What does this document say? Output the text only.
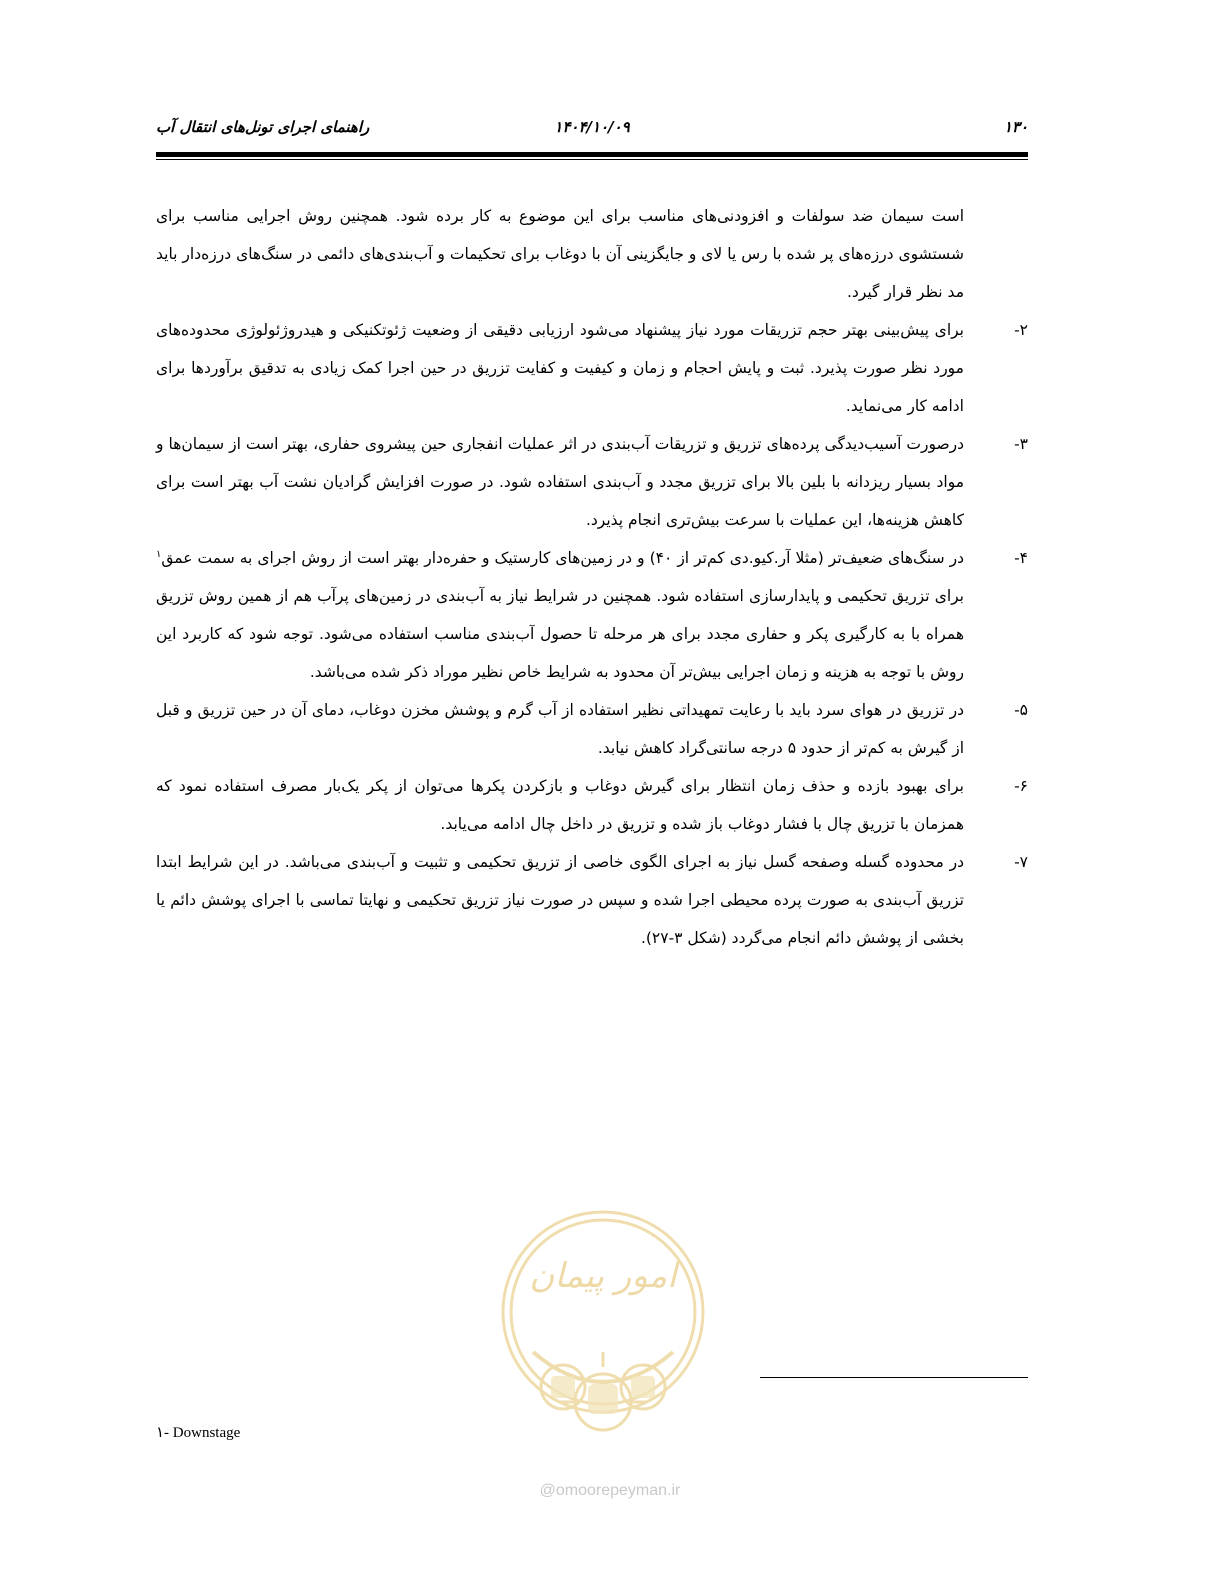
۱۳۰
۱۴۰۴/۱۰/۰۹
راهنمای اجرای تونل‌های انتقال آب

است سیمان ضد سولفات و افزودنی‌های مناسب برای این موضوع به کار برده شود. همچنین روش اجرایی مناسب برای شستشوی درزه‌های پر شده با رس یا لای و جایگزینی آن با دوغاب برای تحکیمات و آب‌بندی‌های دائمی در سنگ‌های درزه‌دار باید مد نظر قرار گیرد.

۲-
برای پیش‌بینی بهتر حجم تزریقات مورد نیاز پیشنهاد می‌شود ارزیابی دقیقی از وضعیت ژئوتکنیکی و هیدروژئولوژی محدوده‌های مورد نظر صورت پذیرد. ثبت و پایش احجام و زمان و کیفیت و کفایت تزریق در حین اجرا کمک زیادی به تدقیق برآوردها برای ادامه کار می‌نماید.
۳-
درصورت آسیب‌دیدگی پرده‌های تزریق و تزریقات آب‌بندی در اثر عملیات انفجاری حین پیشروی حفاری، بهتر است از سیمان‌ها و مواد بسیار ریزدانه با بلین بالا برای تزریق مجدد و آب‌بندی استفاده شود. در صورت افزایش گرادیان نشت آب بهتر است برای کاهش هزینه‌ها، این عملیات با سرعت بیش‌تری انجام پذیرد.
۴-
در سنگ‌های ضعیف‌تر (مثلا آر.کیو.دی کم‌تر از ۴۰) و در زمین‌های کارستیک و حفره‌دار بهتر است از روش اجرای به سمت عمق$^۱$ برای تزریق تحکیمی و پایدارسازی استفاده شود. همچنین در شرایط نیاز به آب‌بندی در زمین‌های پرآب هم از همین روش تزریق همراه با به کارگیری پکر و حفاری مجدد برای هر مرحله تا حصول آب‌بندی مناسب استفاده می‌شود. توجه شود که کاربرد این روش با توجه به هزینه و زمان اجرایی بیش‌تر آن محدود به شرایط خاص نظیر موراد ذکر شده می‌باشد.
۵-
در تزریق در هوای سرد باید با رعایت تمهیداتی نظیر استفاده از آب گرم و پوشش مخزن دوغاب، دمای آن در حین تزریق و قبل از گیرش به کم‌تر از حدود ۵ درجه سانتی‌گراد کاهش نیابد.
۶-
برای بهبود بازده و حذف زمان انتظار برای گیرش دوغاب و بازکردن پکرها می‌توان از پکر یک‌بار مصرف استفاده نمود که همزمان با تزریق چال با فشار دوغاب باز شده و تزریق در داخل چال ادامه می‌یابد.
۷-
در محدوده گسله وصفحه گسل نیاز به اجرای الگوی خاصی از تزریق تحکیمی و تثبیت و آب‌بندی می‌باشد. در این شرایط ابتدا تزریق آب‌بندی به صورت پرده محیطی اجرا شده و سپس در صورت نیاز تزریق تحکیمی و نهایتا تماسی با اجرای پوشش دائم یا بخشی از پوشش دائم انجام می‌گردد (شکل ۳-۲۷).
امور پیمان
@omoorepeyman.ir
۱- Downstage
